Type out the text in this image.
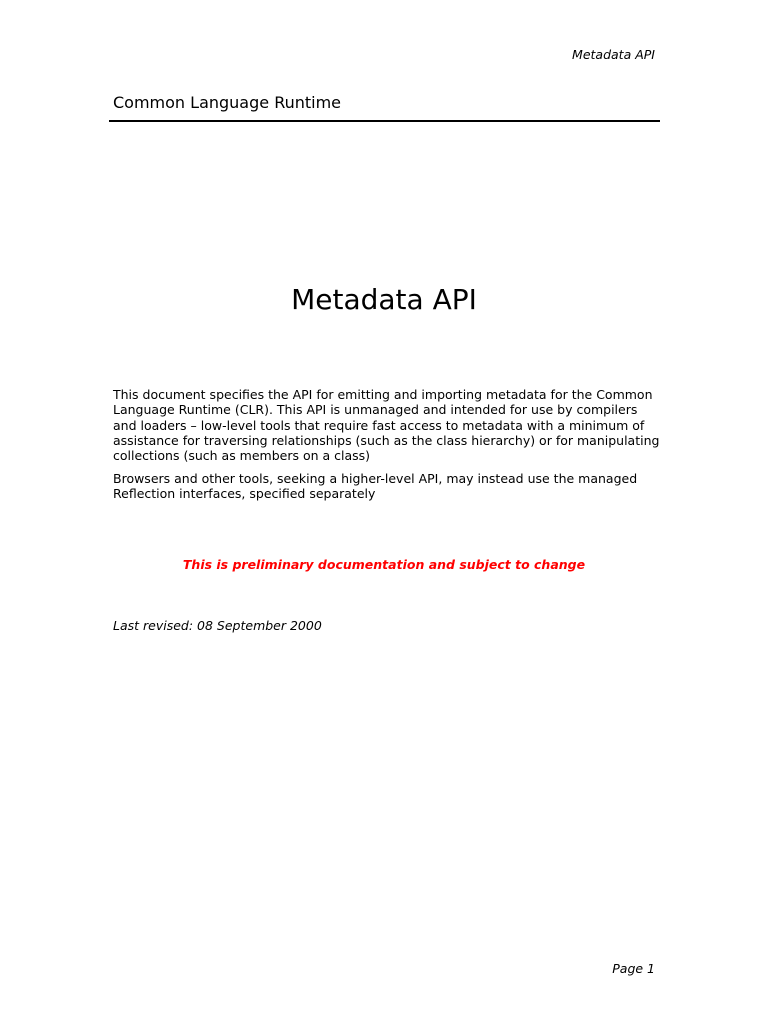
Metadata API
Common Language Runtime
Metadata API
This document specifies the API for emitting and importing metadata for the Common Language Runtime (CLR). This API is unmanaged and intended for use by compilers and loaders – low-level tools that require fast access to metadata with a minimum of assistance for traversing relationships (such as the class hierarchy) or for manipulating collections (such as members on a class)
Browsers and other tools, seeking a higher-level API, may instead use the managed Reflection interfaces, specified separately
This is preliminary documentation and subject to change
Last revised: 08 September 2000
Page 1
